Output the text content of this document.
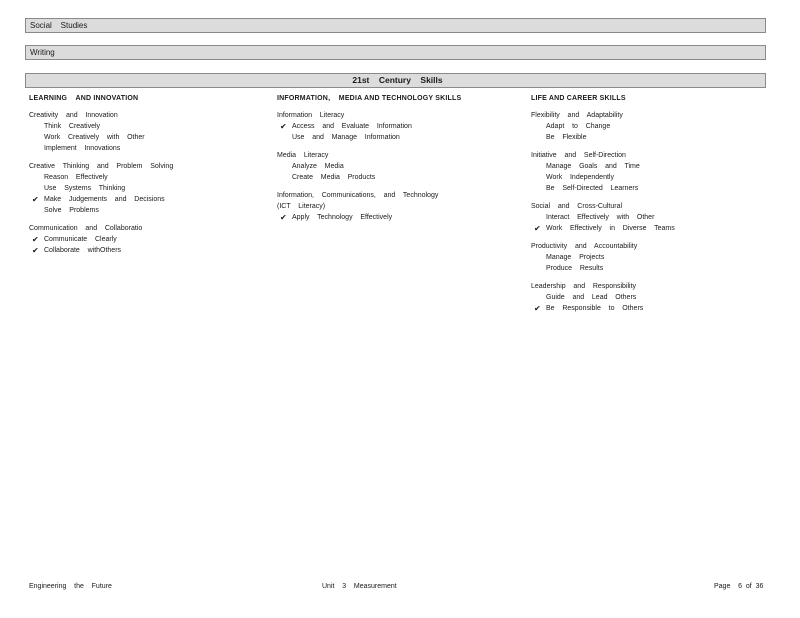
Social    Studies
Writing
21st    Century    Skills
LEARNING    AND INNOVATION
Creativity    and    Innovation
Think    Creatively
Work    Creatively    with    Other
Implement    Innovations
Creative    Thinking    and    Problem    Solving
Reason    Effectively
Use    Systems    Thinking
✔ Make    Judgements    and    Decisions
Solve    Problems
Communication    and    Collaboratio
✔ Communicate    Clearly
✔ Collaborate    withOthers
INFORMATION,    MEDIA AND TECHNOLOGY SKILLS
Information    Literacy
✔ Access    and    Evaluate    Information
Use    and    Manage    Information
Media    Literacy
Analyze    Media
Create    Media    Products
Information,    Communications,    and    Technology
(ICT    Literacy)
✔ Apply    Technology    Effectively
LIFE AND CAREER SKILLS
Flexibility    and    Adaptability
Adapt    to    Change
Be    Flexible
Initiative    and    Self-Direction
Manage    Goals    and    Time
Work    Independently
Be    Self-Directed    Learners
Social    and    Cross-Cultural
Interact    Effectively    with    Other
✔ Work    Effectively    in    Diverse    Teams
Productivity    and    Accountability
Manage    Projects
Produce    Results
Leadership    and    Responsibility
Guide    and    Lead    Others
✔ Be    Responsible    to    Others
Engineering    the    Future	Unit    3    Measurement	Page    6  of  36
